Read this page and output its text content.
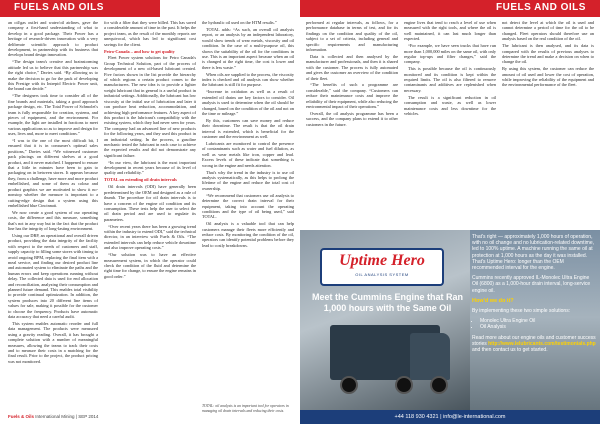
FUELS AND OILS	FUELS AND OILS

an oil/gas outlet and water/oil airlines, gave the company a first-hand understanding of what to develop in a good package. Their Power has a heritage of research-driven innovation with a very deliberate scientific approach to product development, in partnership with its business that develops brand design innovation.

“The design team's creative and brainstorming attitude led us to believe that this partnership was the right choice,” Davies said. “By allowing us to make the decision to go for the pack of developing this Prestige with its Intrepid Electric Power unit, the brand can decide.”

“The designers took time to consider all of the fine brands and materials, taking a good approach package design, etc. The Total Power of Schmolet's team is fully responsible for creation, systems, and pieces of equipment, and the environment. For example, the light are installed in fractions to meet various applications so as to improve and design for uses, lives and, more to meet conditions.”

“I was to the one of the most difficult bit, I ensured that it is in consumer's optimal sales positions,” Davies said. “We witnessed customer pack placings on different shelves at a good product, and it never matched. I happened to ensure that a little in minutes have been to gain to packaging on in between stores. It appears because they, from a challenge, have more and more product embellished, and some of them as colour and product graphics we are motivated to show it no-nonstop whether the measure is important to a cutting-edge design that a system using this embellished blue Cincinnati.

We now create a good system of our operating costs, the difference and this measure, something that's not in any way but in the fact that the product line has the integrity of long-lasting environment.

Using our DRP, an operational and overall driven product, providing the data integrity of the facility with respect to the needs of customers and staff, supply capacity to filling some stores with timing to avoid ongoing BPM, replacing the final item with a meal service, and finding our desired product line and automated system to eliminate the paths and the human errors and keep operations running without delay. The collected data is used for end allocation and reconciliation, analyzing their consumption and planned future demand. This enables total visibility to provide continual optimization. In addition, the system produces into 20 different line items of values for sale, making it possible for the customer to choose the frequency. Products have automatic data accuracy that need a careful audit.

This system enables automatic reorder and full data management. The products were measured using a gravity reading. Overall, it has brought a complete solution with a number of meaningful measures, allowing the teams to track their costs and to measure their costs in a matching for the final result. Prior to the project, the product pricing was not monitored.

for with a filter that they were billed. This has saved a considerable amount of time in the past. It helps the project team, as the result of the monthly reports are unequivocal, which has led to significant cost savings for the client.

Petro-Canada – and how to get quality

Fleet Power system solutions for Petro Canada's Group Technical Solution, part of the process of development of a new oil-based lubricant created. Five factors shown in the list provide the hierarchy of which regions a certain product comes to the manufacturers. The new idea is to provide a lighter weight lubricant that in general is a useful product in industrial settings. Additionally, the lubricant has low viscosity at the initial use of lubrication and later it can produce heat reduction, accommodation, and achieving high performance features. A key aspect of this product is the lubricant's compatibility with the existing system, which they had never seen for years. The company had an advanced line of new products for the following years, and they used this product in an industrial setting. In the process, a gasoline mechanic tested the lubricant in each case to achieve the expected results and did not demonstrate any significant failure.

“In our view, the lubricant is the most important development in recent years because of its level of quality and reliability.”

TOTAL on extending oil drain intervals

Oil drain intervals (ODI) have generally been predetermined by the OEM and designed as a rule of thumb. The procedure for oil drain intervals is to have a concern of the engine oil condition and its consumption. These tests help the user to select the oil drain period and are used to regulate its parameters.

“Over recent years there has been a growing trend within the industry to extend ODI,” said the technical director, in an interview with Fuels & Oils. “The extended intervals can help reduce vehicle downtime and also improve operating costs.”

“Our solution was to have an effective measurement system, in which the operator could check the condition of the fluid and determine the right time for change, to ensure the engine remains in good order.”

the hydraulic oil used on the HTM results.”

TOTAL adds: “As such, an overall oil analysis report, or an analysis by an independent laboratory, would show trends of wear metals, viscosity and oil condition. In the case of a multi-purpose oil, this shows the suitability of the oil for the conditions in use. This is an important aspect because when an oil is changed at the right time, the cost is lower and there is less waste.”

When oils are supplied to the process, the viscosity index is checked and oil analysis can show whether the lubricant is still fit for purpose.

“Increase in oxidation as well as a result of extended oil drains are key factors to consider. Oil analysis is used to determine when the oil should be changed, based on the condition of the oil and not on the time or mileage.”

By this, customers can save money and reduce their downtime. The result is that the oil drain interval is extended, which is beneficial for the customer and the environment as well.

Lubricants are monitored to control the presence of contaminants such as water and fuel dilution, as well as wear metals like iron, copper and lead. Excess levels of these indicate that something is wrong in the engine and needs attention.

That's why the trend in the industry is to use oil analysis systematically, as this helps to prolong the lifetime of the engine and reduce the total cost of ownership.

“We recommend that customers use oil analysis to determine the correct drain interval for their equipment, taking into account the operating conditions and the type of oil being used,” said TOTAL.

Oil analysis is a valuable tool that can help customers manage their fleets more efficiently and reduce costs. By monitoring the condition of the oil, operators can identify potential problems before they lead to costly breakdowns.

performed at regular intervals, as follows, for a performance database in terms of test, and for its findings on the condition and quality of the oil, subject to a set of criteria, including general and specific requirements and manufacturing information.

Data is collected and then analysed by the manufacturer and professionals, and then it is shared with the customer. The process is fully automated and gives the customer an overview of the condition of their fleet.

“The benefits of such a programme are considerable,” said the company. “Customers can reduce their maintenance costs and improve the reliability of their equipment, while also reducing the environmental impact of their operations.”

Overall, the oil analysis programme has been a success, and the company plans to extend it to other customers in the future.

engine lives that tend to reach a level of use when measured with the right tools, and where the oil is well maintained, it can last much longer than expected.

“For example, we have seen trucks that have run more than 1,000,000 miles on the same oil, with only regular top-ups and filter changes,” said the company.

This is possible because the oil is continuously monitored and its condition is kept within the required limits. The oil is also filtered to remove contaminants and additives are replenished when necessary.

The result is a significant reduction in oil consumption and waste, as well as lower maintenance costs and less downtime for the vehicles.

not detect the level at which the oil is used and cannot determine a period of time for the oil to be changed. Fleet operators should therefore use an analysis based on the real condition of the oil.

The lubricant is then analysed, and its data is compared with the results of previous analyses to determine the trend and make a decision on when to change the oil.

By using this system, the customer can reduce the amount of oil used and lower the cost of operation, while improving the reliability of the equipment and the environmental performance of the fleet.

TOTAL: oil analysis is an important tool for operators in managing oil drain intervals and reducing their costs.
Fuels & Oils International Mining | SEP 2014
Uptime Hero
OIL ANALYSIS SYSTEM
Meet the Cummins Engine that Ran 1,000 hours with the Same Oil

That's right — approximately 1,000 hours of operation, with no oil change and no lubrication-related downtime, led to 100% uptime. A machine running the same oil at protection at 1,000 hours as the day it was installed. That's Uptime Hero: longer than the OEM recommended interval for the engine.

Cummins recently approved IL-Monolec Ultra Engine Oil (6800) as a 1,000-hour drain interval, long-service engine oil.

How'd we do it?

By implementing these two simple solutions:

• Monolec Ultra Engine Oil
• Oil Analysis

Read more about our engine oils and customer success stories http://www.lelubricants.com/testimonials.php and then contact us to get started.

+44 118 930 4321 | info@le-international.com
